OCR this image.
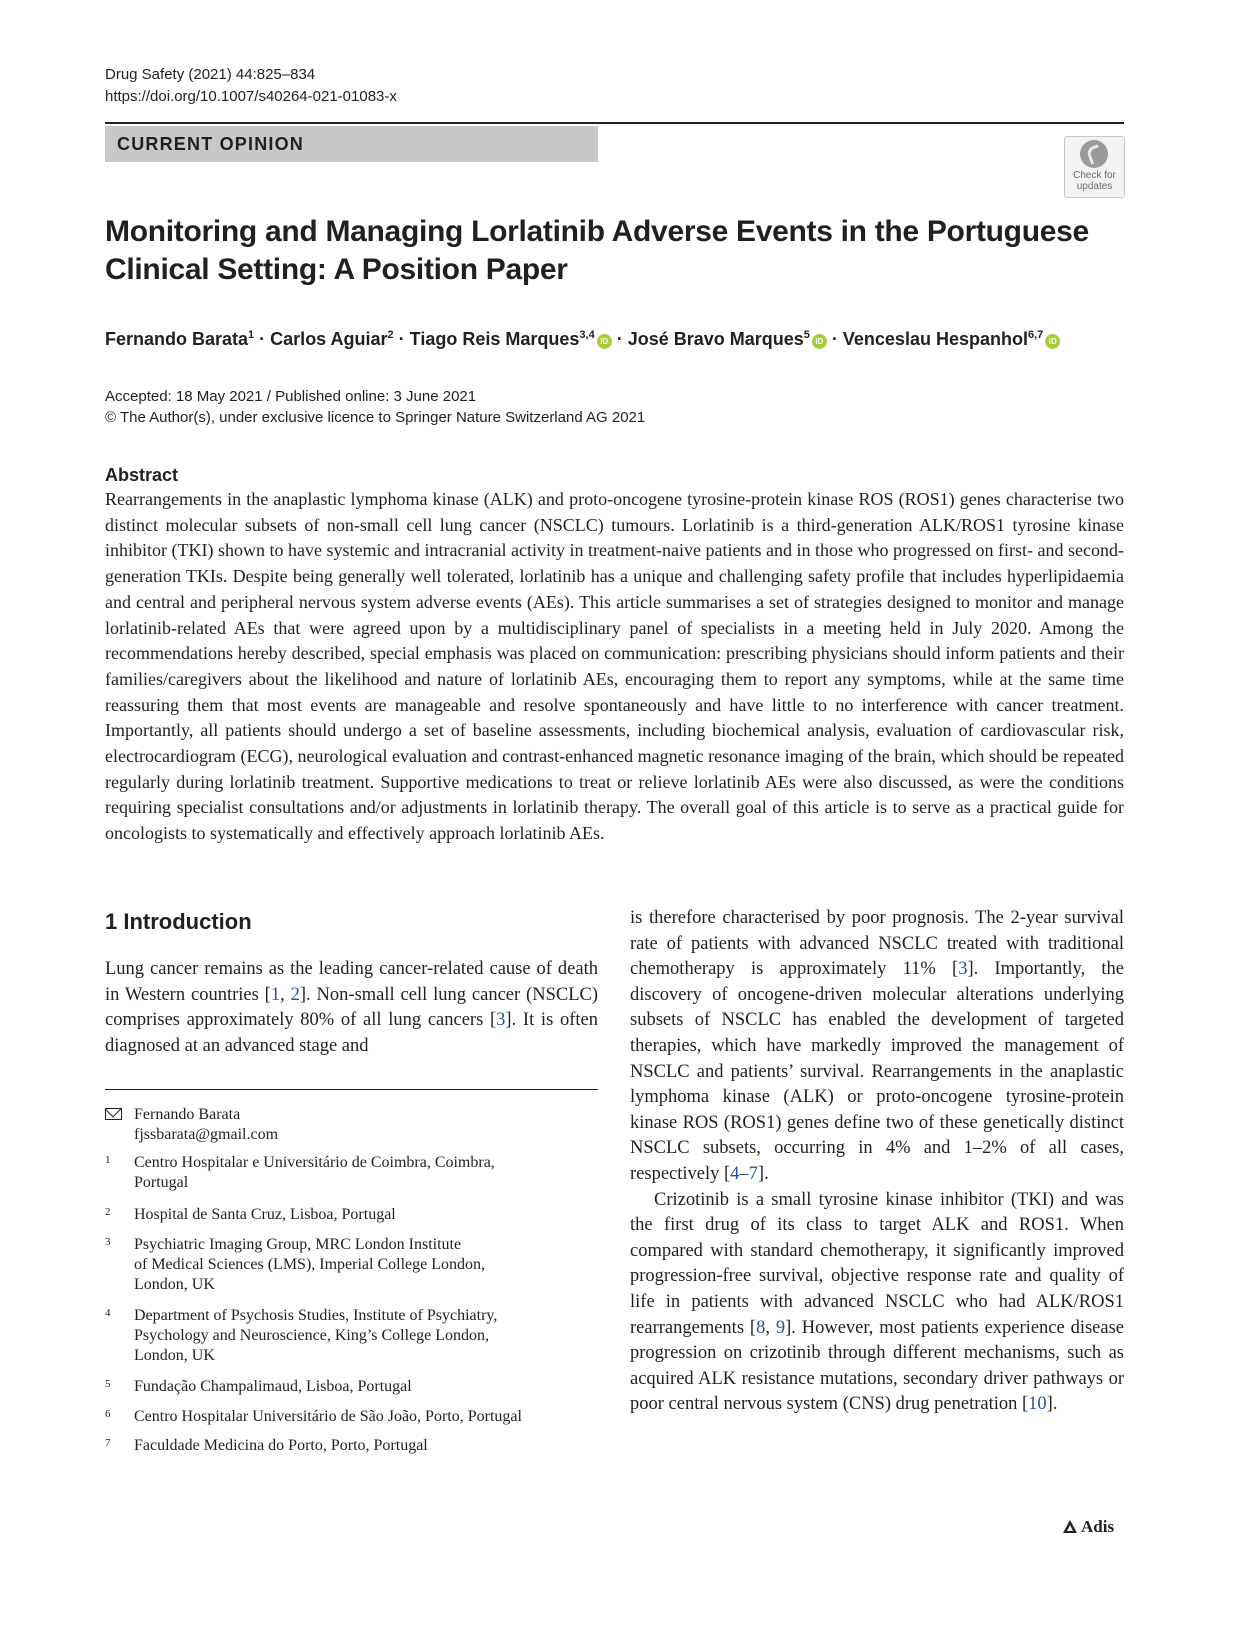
Drug Safety (2021) 44:825–834
https://doi.org/10.1007/s40264-021-01083-x
CURRENT OPINION
Check for
updates
Monitoring and Managing Lorlatinib Adverse Events in the Portuguese
Clinical Setting: A Position Paper
Fernando Barata$^1$ · Carlos Aguiar$^2$ · Tiago Reis Marques$^{3,4}$iD · José Bravo Marques$^5$iD · Venceslau Hespanhol$^{6,7}$iD
Accepted: 18 May 2021 / Published online: 3 June 2021
© The Author(s), under exclusive licence to Springer Nature Switzerland AG 2021
Abstract
Rearrangements in the anaplastic lymphoma kinase (ALK) and proto-oncogene tyrosine-protein kinase ROS (ROS1) genes characterise two distinct molecular subsets of non-small cell lung cancer (NSCLC) tumours. Lorlatinib is a third-generation ALK/ROS1 tyrosine kinase inhibitor (TKI) shown to have systemic and intracranial activity in treatment-naive patients and in those who progressed on first- and second-generation TKIs. Despite being generally well tolerated, lorlatinib has a unique and challenging safety profile that includes hyperlipidaemia and central and peripheral nervous system adverse events (AEs). This article summarises a set of strategies designed to monitor and manage lorlatinib-related AEs that were agreed upon by a multidisciplinary panel of specialists in a meeting held in July 2020. Among the recommendations hereby described, special emphasis was placed on communication: prescribing physicians should inform patients and their families/caregivers about the likelihood and nature of lorlatinib AEs, encouraging them to report any symptoms, while at the same time reassuring them that most events are manageable and resolve spontaneously and have little to no interference with cancer treatment. Importantly, all patients should undergo a set of baseline assessments, including biochemical analysis, evaluation of cardiovascular risk, electrocardiogram (ECG), neurological evaluation and contrast-enhanced magnetic resonance imaging of the brain, which should be repeated regularly during lorlatinib treatment. Supportive medications to treat or relieve lorlatinib AEs were also discussed, as were the conditions requiring specialist consultations and/or adjustments in lorlatinib therapy. The overall goal of this article is to serve as a practical guide for oncologists to systematically and effectively approach lorlatinib AEs.
1 Introduction
Lung cancer remains as the leading cancer-related cause of death in Western countries [1, 2]. Non-small cell lung cancer (NSCLC) comprises approximately 80% of all lung cancers [3]. It is often diagnosed at an advanced stage and

is therefore characterised by poor prognosis. The 2-year survival rate of patients with advanced NSCLC treated with traditional chemotherapy is approximately 11% [3]. Importantly, the discovery of oncogene-driven molecular alterations underlying subsets of NSCLC has enabled the development of targeted therapies, which have markedly improved the management of NSCLC and patients’ survival. Rearrangements in the anaplastic lymphoma kinase (ALK) or proto-oncogene tyrosine-protein kinase ROS (ROS1) genes define two of these genetically distinct NSCLC subsets, occurring in 4% and 1–2% of all cases, respectively [4–7].

Crizotinib is a small tyrosine kinase inhibitor (TKI) and was the first drug of its class to target ALK and ROS1. When compared with standard chemotherapy, it significantly improved progression-free survival, objective response rate and quality of life in patients with advanced NSCLC who had ALK/ROS1 rearrangements [8, 9]. However, most patients experience disease progression on crizotinib through different mechanisms, such as acquired ALK resistance mutations, secondary driver pathways or poor central nervous system (CNS) drug penetration [10].

Fernando Barata
fjssbarata@gmail.com
1 Centro Hospitalar e Universitário de Coimbra, Coimbra,
Portugal
2 Hospital de Santa Cruz, Lisboa, Portugal
3 Psychiatric Imaging Group, MRC London Institute
of Medical Sciences (LMS), Imperial College London,
London, UK
4 Department of Psychosis Studies, Institute of Psychiatry,
Psychology and Neuroscience, King’s College London,
London, UK
5 Fundação Champalimaud, Lisboa, Portugal
6 Centro Hospitalar Universitário de São João, Porto, Portugal
7 Faculdade Medicina do Porto, Porto, Portugal
Adis
